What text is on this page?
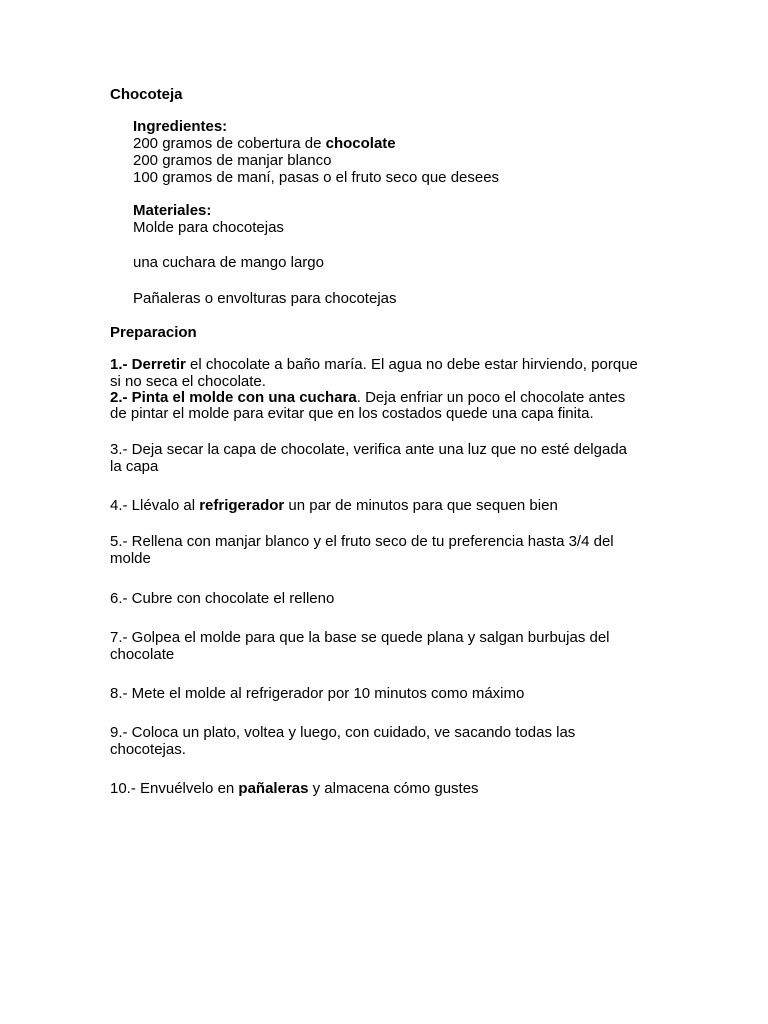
Chocoteja
Ingredientes:
200 gramos de cobertura de chocolate
200 gramos de manjar blanco
100 gramos de maní, pasas o el fruto seco que desees
Materiales:
Molde para chocotejas
una cuchara de mango largo
Pañaleras o envolturas para chocotejas
Preparacion
1.- Derretir el chocolate a baño maría. El agua no debe estar hirviendo, porque
si no seca el chocolate.
2.- Pinta el molde con una cuchara. Deja enfriar un poco el chocolate antes
de pintar el molde para evitar que en los costados quede una capa finita.
3.- Deja secar la capa de chocolate, verifica ante una luz que no esté delgada
la capa
4.- Llévalo al refrigerador un par de minutos para que sequen bien
5.- Rellena con manjar blanco y el fruto seco de tu preferencia hasta 3/4 del
molde
6.- Cubre con chocolate el relleno
7.- Golpea el molde para que la base se quede plana y salgan burbujas del
chocolate
8.- Mete el molde al refrigerador por 10 minutos como máximo
9.- Coloca un plato, voltea y luego, con cuidado, ve sacando todas las
chocotejas.
10.- Envuélvelo en pañaleras y almacena cómo gustes
